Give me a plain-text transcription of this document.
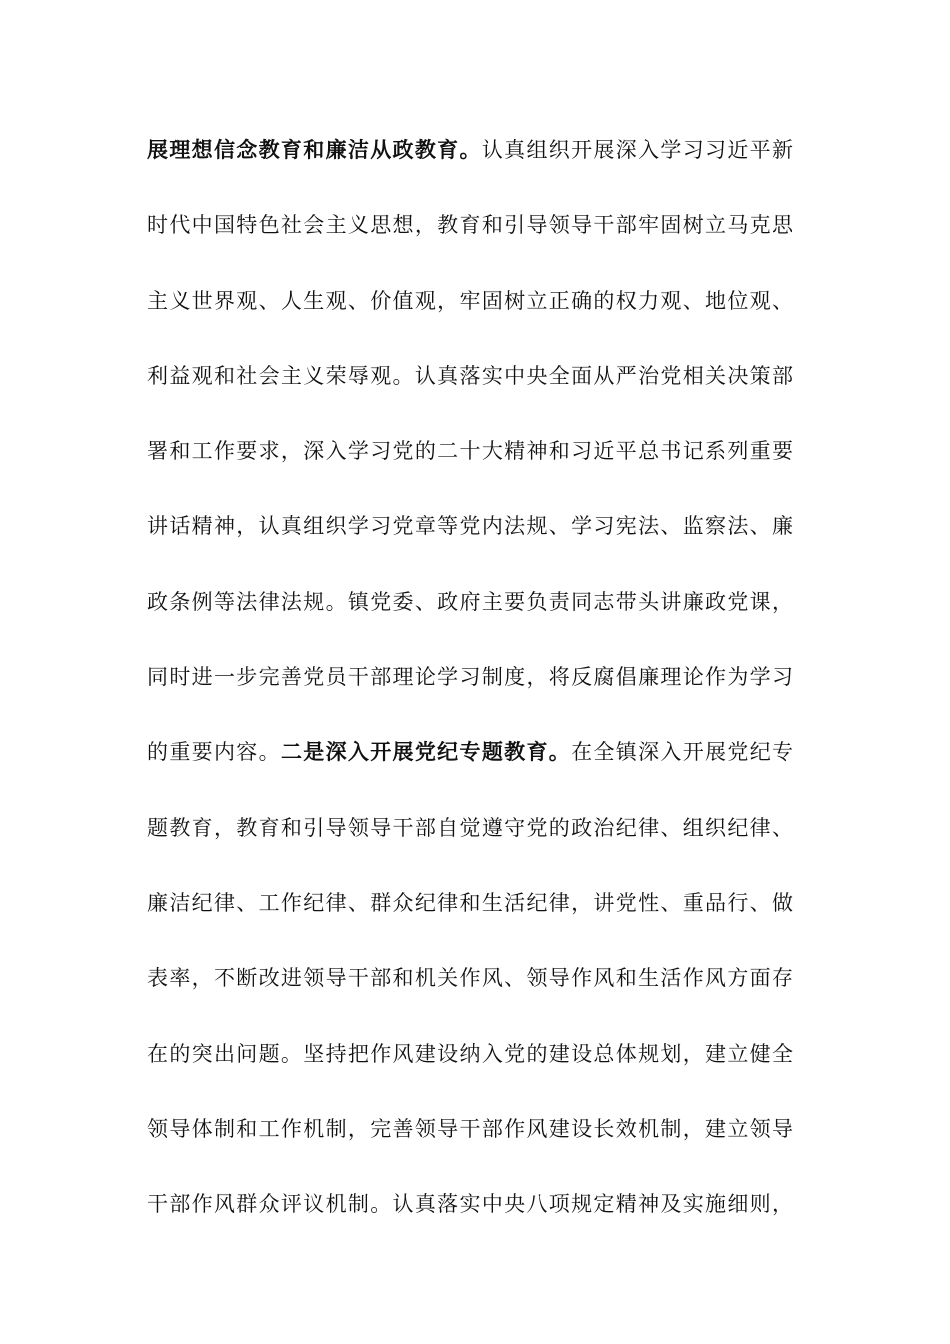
展理想信念教育和廉洁从政教育。认真组织开展深入学习习近平新
时代中国特色社会主义思想，教育和引导领导干部牢固树立马克思
主义世界观、人生观、价值观，牢固树立正确的权力观、地位观、
利益观和社会主义荣辱观。认真落实中央全面从严治党相关决策部
署和工作要求，深入学习党的二十大精神和习近平总书记系列重要
讲话精神，认真组织学习党章等党内法规、学习宪法、监察法、廉
政条例等法律法规。镇党委、政府主要负责同志带头讲廉政党课，
同时进一步完善党员干部理论学习制度，将反腐倡廉理论作为学习
的重要内容。二是深入开展党纪专题教育。在全镇深入开展党纪专
题教育，教育和引导领导干部自觉遵守党的政治纪律、组织纪律、
廉洁纪律、工作纪律、群众纪律和生活纪律，讲党性、重品行、做
表率，不断改进领导干部和机关作风、领导作风和生活作风方面存
在的突出问题。坚持把作风建设纳入党的建设总体规划，建立健全
领导体制和工作机制，完善领导干部作风建设长效机制，建立领导
干部作风群众评议机制。认真落实中央八项规定精神及实施细则，
